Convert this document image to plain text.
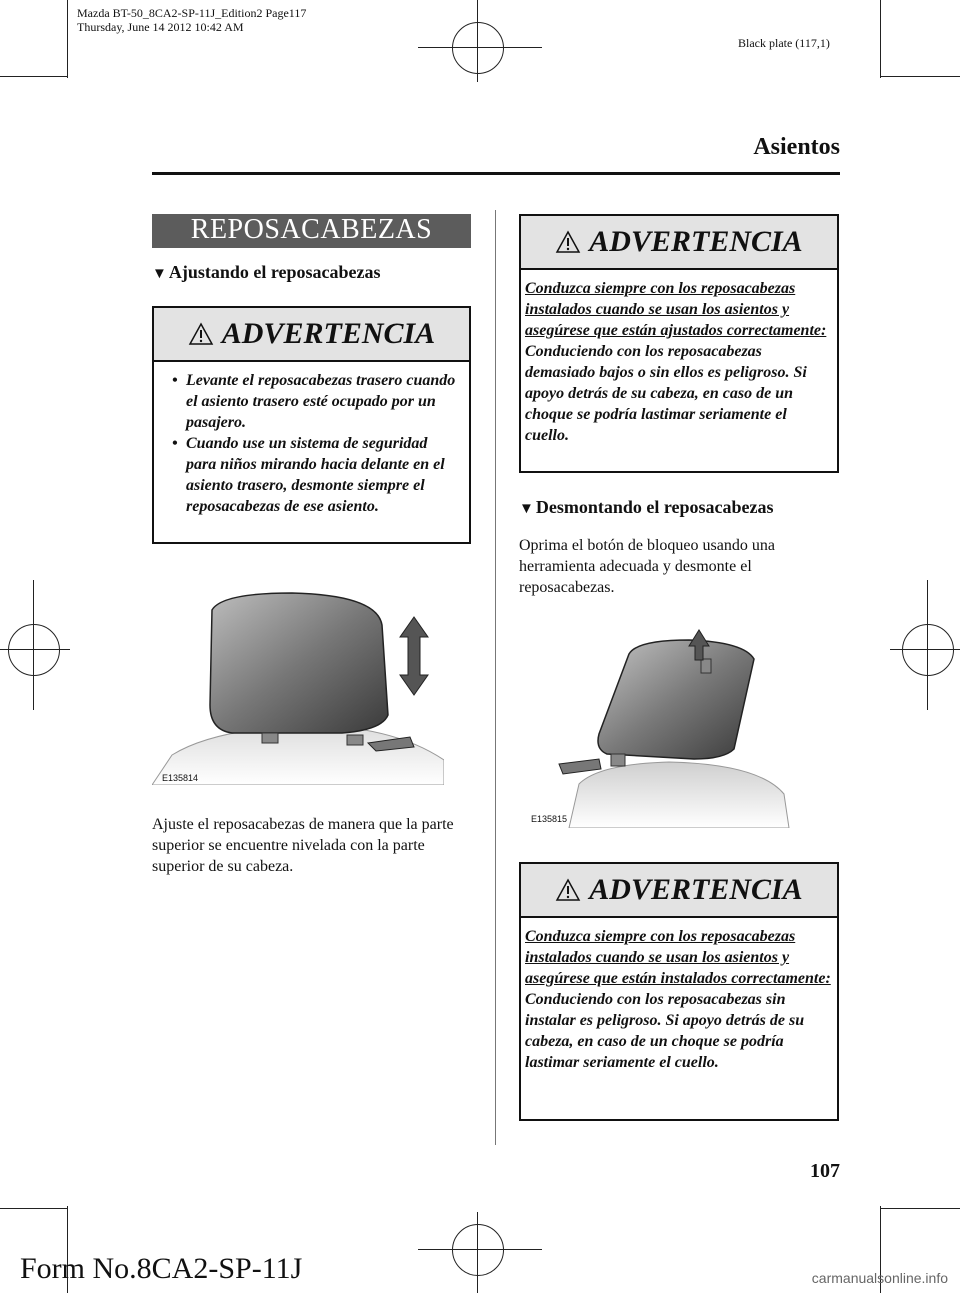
Mazda BT-50_8CA2-SP-11J_Edition2 Page117
Thursday, June 14 2012 10:42 AM
Black plate (117,1)
Asientos
REPOSACABEZAS
▼ Ajustando el reposacabezas
ADVERTENCIA
• Levante el reposacabezas trasero cuando el asiento trasero esté ocupado por un pasajero.
• Cuando use un sistema de seguridad para niños mirando hacia delante en el asiento trasero, desmonte siempre el reposacabezas de ese asiento.
E135814
Ajuste el reposacabezas de manera que la parte superior se encuentre nivelada con la parte superior de su cabeza.
ADVERTENCIA
Conduzca siempre con los reposacabezas instalados cuando se usan los asientos y asegúrese que están ajustados correctamente: Conduciendo con los reposacabezas demasiado bajos o sin ellos es peligroso. Si apoyo detrás de su cabeza, en caso de un choque se podría lastimar seriamente el cuello.
▼ Desmontando el reposacabezas
Oprima el botón de bloqueo usando una herramienta adecuada y desmonte el reposacabezas.
E135815
ADVERTENCIA
Conduzca siempre con los reposacabezas instalados cuando se usan los asientos y asegúrese que están instalados correctamente: Conduciendo con los reposacabezas sin instalar es peligroso. Si apoyo detrás de su cabeza, en caso de un choque se podría lastimar seriamente el cuello.
107
Form No.8CA2-SP-11J	carmanualsonline.info
